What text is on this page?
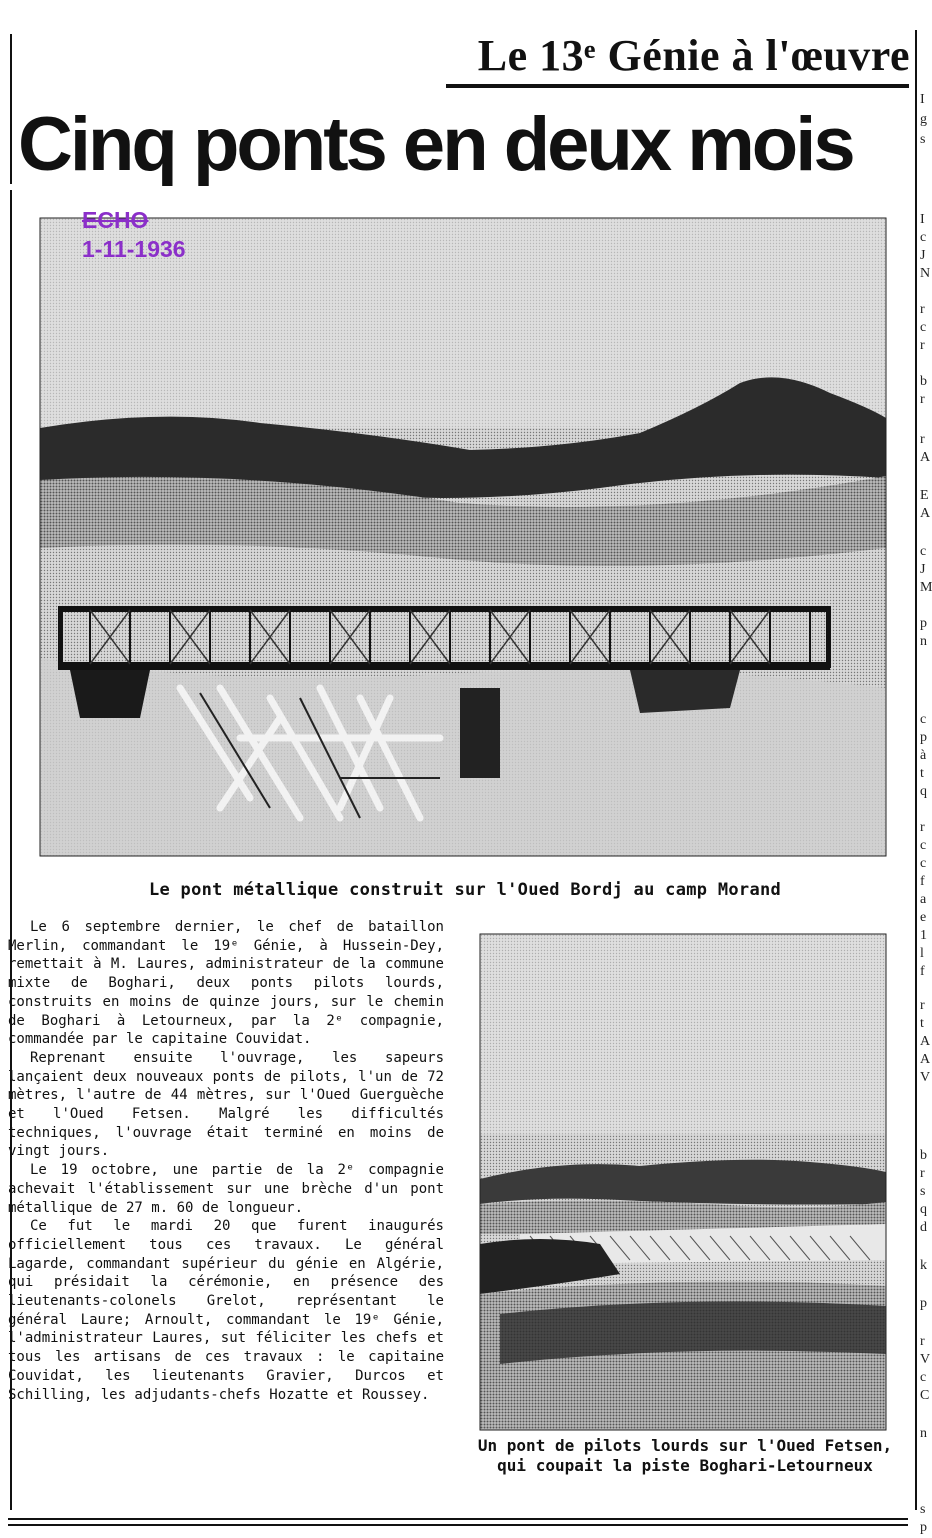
Le 13ᵉ Génie à l'œuvre
Cinq ponts en deux mois
ECHO
1-11-1936
Le pont métallique construit sur l'Oued Bordj au camp Morand

Le 6 septembre dernier, le chef de bataillon Merlin, commandant le 19ᵉ Génie, à Hussein-Dey, remettait à M. Laures, administrateur de la commune mixte de Boghari, deux ponts pilots lourds, construits en moins de quinze jours, sur le chemin de Boghari à Letourneux, par la 2ᵉ compagnie, commandée par le capitaine Couvidat.

Reprenant ensuite l'ouvrage, les sapeurs lançaient deux nouveaux ponts de pilots, l'un de 72 mètres, l'autre de 44 mètres, sur l'Oued Guerguèche et l'Oued Fetsen. Malgré les difficultés techniques, l'ouvrage était terminé en moins de vingt jours.

Le 19 octobre, une partie de la 2ᵉ compagnie achevait l'établissement sur une brèche d'un pont métallique de 27 m. 60 de longueur.

Ce fut le mardi 20 que furent inaugurés officiellement tous ces travaux. Le général Lagarde, commandant supérieur du génie en Algérie, qui présidait la cérémonie, en présence des lieutenants-colonels Grelot, représentant le général Laure; Arnoult, commandant le 19ᵉ Génie, l'administrateur Laures, sut féliciter les chefs et tous les artisans de ces travaux : le capitaine Couvidat, les lieutenants Gravier, Durcos et Schilling, les adjudants-chefs Hozatte et Roussey.

Un pont de pilots lourds sur l'Oued Fetsen, qui coupait la piste Boghari-Letourneux
I
g
s
I
c
J
N
r
c
r
b
r
r
A
E
A
c
J
M
p
n
c
p
à
t
q
r
c
c
f
a
e
1
l
f
r
t
A
A
V
b
r
s
q
d
k
p
r
V
c
C
n
s
p
